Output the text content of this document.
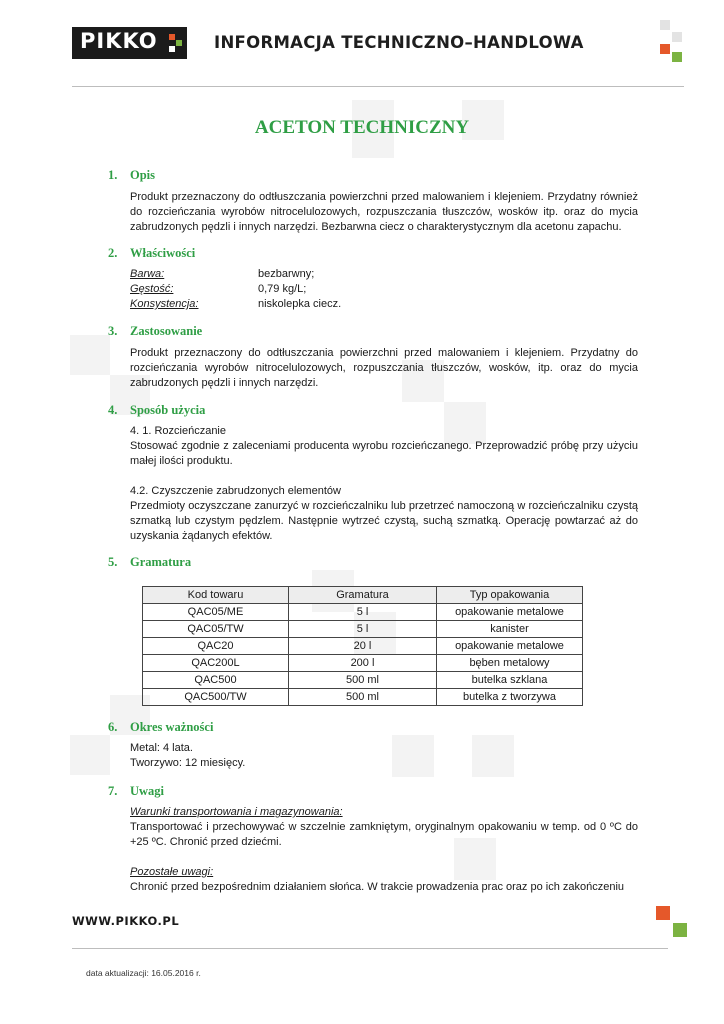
PIKKO	INFORMACJA TECHNICZNO–HANDLOWA
ACETON TECHNICZNY
1. Opis

Produkt przeznaczony do odtłuszczania powierzchni przed malowaniem i klejeniem. Przydatny również do rozcieńczania wyrobów nitrocelulozowych, rozpuszczania tłuszczów, wosków itp. oraz do mycia zabrudzonych pędzli i innych narzędzi. Bezbarwna ciecz o charakterystycznym dla acetonu zapachu.

2. Właściwości
Barwa:	bezbarwny;
Gęstość:	0,79 kg/L;
Konsystencja:	niskolepka ciecz.
3. Zastosowanie

Produkt przeznaczony do odtłuszczania powierzchni przed malowaniem i klejeniem. Przydatny do rozcieńczania wyrobów nitrocelulozowych, rozpuszczania tłuszczów, wosków, itp. oraz do mycia zabrudzonych pędzli i innych narzędzi.

4. Sposób użycia

4. 1. Rozcieńczanie

Stosować zgodnie z zaleceniami producenta wyrobu rozcieńczanego. Przeprowadzić próbę przy użyciu małej ilości produktu.

4.2. Czyszczenie zabrudzonych elementów

Przedmioty oczyszczane zanurzyć w rozcieńczalniku lub przetrzeć namoczoną w rozcieńczalniku czystą szmatką lub czystym pędzlem. Następnie wytrzeć czystą, suchą szmatką. Operację powtarzać aż do uzyskania żądanych efektów.

5. Gramatura
Kod towaru	Gramatura	Typ opakowania
QAC05/ME	5 l	opakowanie metalowe
QAC05/TW	5 l	kanister
QAC20	20 l	opakowanie metalowe
QAC200L	200 l	bęben metalowy
QAC500	500 ml	butelka szklana
QAC500/TW	500 ml	butelka z tworzywa
6. Okres ważności

Metal: 4 lata.

Tworzywo: 12 miesięcy.

7. Uwagi

Warunki transportowania i magazynowania:

Transportować i przechowywać w szczelnie zamkniętym, oryginalnym opakowaniu w temp. od 0 ºC do +25 ºC. Chronić przed dziećmi.

Pozostałe uwagi:

Chronić przed bezpośrednim działaniem słońca. W trakcie prowadzenia prac oraz po ich zakończeniu

WWW.PIKKO.PL
data aktualizacji: 16.05.2016 r.
